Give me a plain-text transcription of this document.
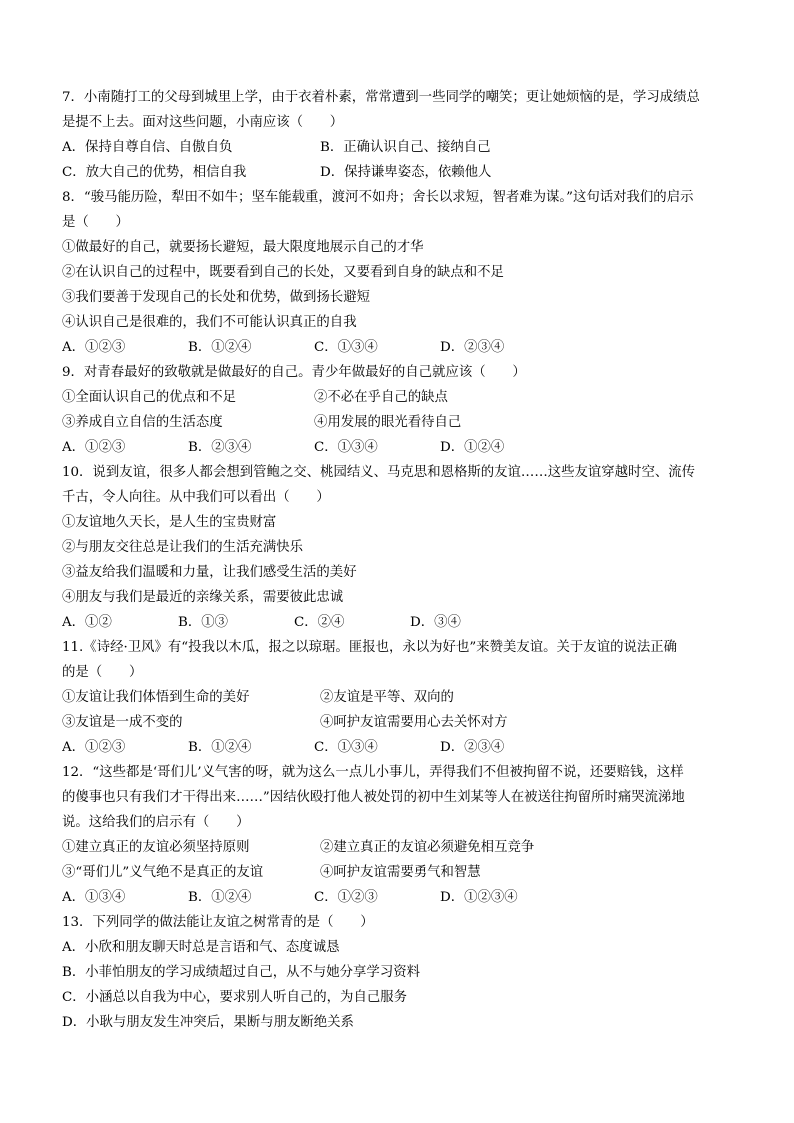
7．小南随打工的父母到城里上学，由于衣着朴素，常常遭到一些同学的嘲笑；更让她烦恼的是，学习成绩总
是提不上去。面对这些问题，小南应该（　　）
A．保持自尊自信、自傲自负	B．正确认识自己、接纳自己
C．放大自己的优势，相信自我	D．保持谦卑姿态，依赖他人
8．“骏马能历险，犁田不如牛；坚车能载重，渡河不如舟；舍长以求短，智者难为谋。”这句话对我们的启示
是（　　）
①做最好的自己，就要扬长避短，最大限度地展示自己的才华
②在认识自己的过程中，既要看到自己的长处，又要看到自身的缺点和不足
③我们要善于发现自己的长处和优势，做到扬长避短
④认识自己是很难的，我们不可能认识真正的自我
A．①②③	B．①②④	C．①③④	D．②③④
9．对青春最好的致敬就是做最好的自己。青少年做最好的自己就应该（　　）
①全面认识自己的优点和不足	②不必在乎自己的缺点
③养成自立自信的生活态度	④用发展的眼光看待自己
A．①②③	B．②③④	C．①③④	D．①②④
10．说到友谊，很多人都会想到管鲍之交、桃园结义、马克思和恩格斯的友谊……这些友谊穿越时空、流传
千古，令人向往。从中我们可以看出（　　）
①友谊地久天长，是人生的宝贵财富
②与朋友交往总是让我们的生活充满快乐
③益友给我们温暖和力量，让我们感受生活的美好
④朋友与我们是最近的亲缘关系，需要彼此忠诚
A．①②	B．①③	C．②④	D．③④
11.《诗经·卫风》有“投我以木瓜，报之以琼琚。匪报也，永以为好也”来赞美友谊。关于友谊的说法正确
的是（　　）
①友谊让我们体悟到生命的美好	②友谊是平等、双向的
③友谊是一成不变的	④呵护友谊需要用心去关怀对方
A．①②③	B．①②④	C．①③④	D．②③④
12．“这些都是‘哥们儿’义气害的呀，就为这么一点儿小事儿，弄得我们不但被拘留不说，还要赔钱，这样
的傻事也只有我们才干得出来……”因结伙殴打他人被处罚的初中生刘某等人在被送往拘留所时痛哭流涕地
说。这给我们的启示有（　　）
①建立真正的友谊必须坚持原则	②建立真正的友谊必须避免相互竞争
③“哥们儿”义气绝不是真正的友谊	④呵护友谊需要勇气和智慧
A．①③④	B．①②④	C．①②③	D．①②③④
13．下列同学的做法能让友谊之树常青的是（　　）
A．小欣和朋友聊天时总是言语和气、态度诚恳
B．小菲怕朋友的学习成绩超过自己，从不与她分享学习资料
C．小涵总以自我为中心，要求别人听自己的，为自己服务
D．小耿与朋友发生冲突后，果断与朋友断绝关系
